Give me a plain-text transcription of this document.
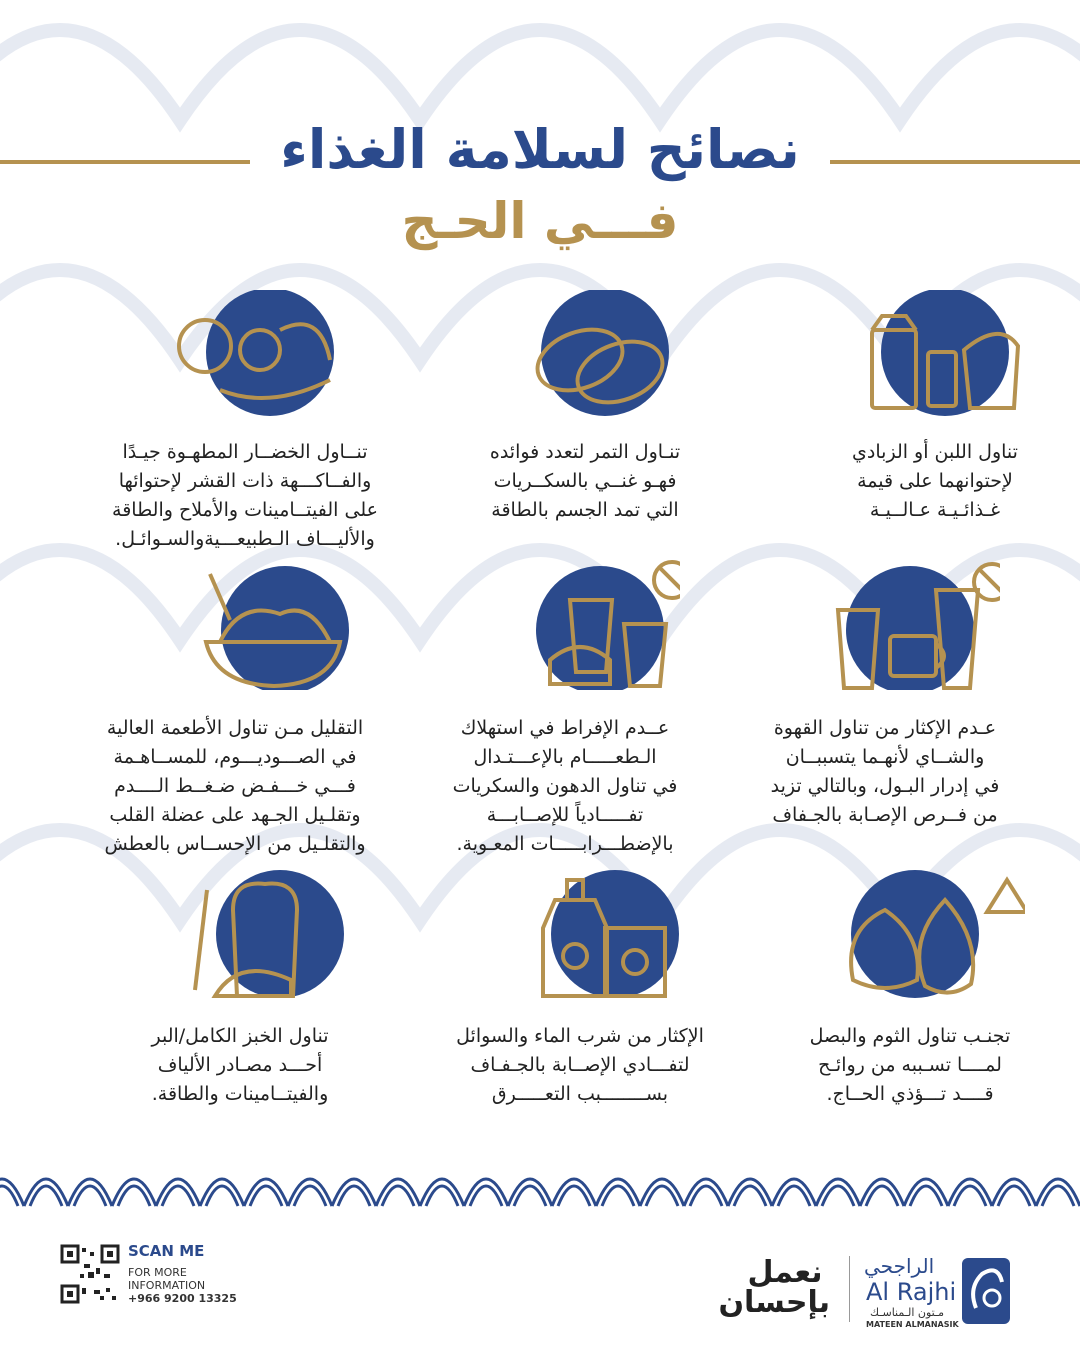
نصائح لسلامة الغذاء
فـــي الحـج
تناول اللبن أو الزبادي
لإحتوانهما على قيمة
غـذائـيـة عـالــيـة
تنـاول التمر لتعدد فوائده
فهـو غنــي بالسكــريات
التي تمد الجسم بالطاقة
تنــاول الخضــار المطهـوة جيـدًا
والفــاكـــهة ذات القشر لإحتوائها
على الفيتــامينات والأملاح والطاقة
والأليـــاف الـطبيعـــيةوالسـوائـل.
عـدم الإكثار من تناول القهوة
والشــاي لأنهـما يتسببــان
في إدرار البـول، وبالتالي تزيد
من فــرص الإصـابة بالجـفاف
عــدم الإفراط في استهلاك
الـطعـــــام بالإعـــتـدال
في تناول الدهون والسكريات
تفـــــادياً للإصــابـــة
بالإضطـــرابـــــات المعـوية.
التقليل مـن تناول الأطعمة العالية
في الصـــوديـــوم، للمســاهـمة
فـــي خـــفـض ضـغــط الــــدم
وتقلـيل الجـهد على عضلة القلب
والتقلـيل من الإحســاس بالعطش
تجنـب تناول الثوم والبصل
لمــــا تسـببه من روائـح
قــــد تـــؤذي الحــاج.
الإكثار من شرب الماء والسوائل
لتفـــادي الإصــابة بالجـفـاف
بســــــــبب التعـــــرق
تناول الخبز الكامل/البر
أحـــد مصـادر الألياف
والفيتــامينات والطاقة.
SCAN ME
FOR MORE
INFORMATION
+966 9200 13325
نعمل
بإحسان
الراجحي
Al Rajhi
مـتون الـمناسـك
MATEEN ALMANASIK
